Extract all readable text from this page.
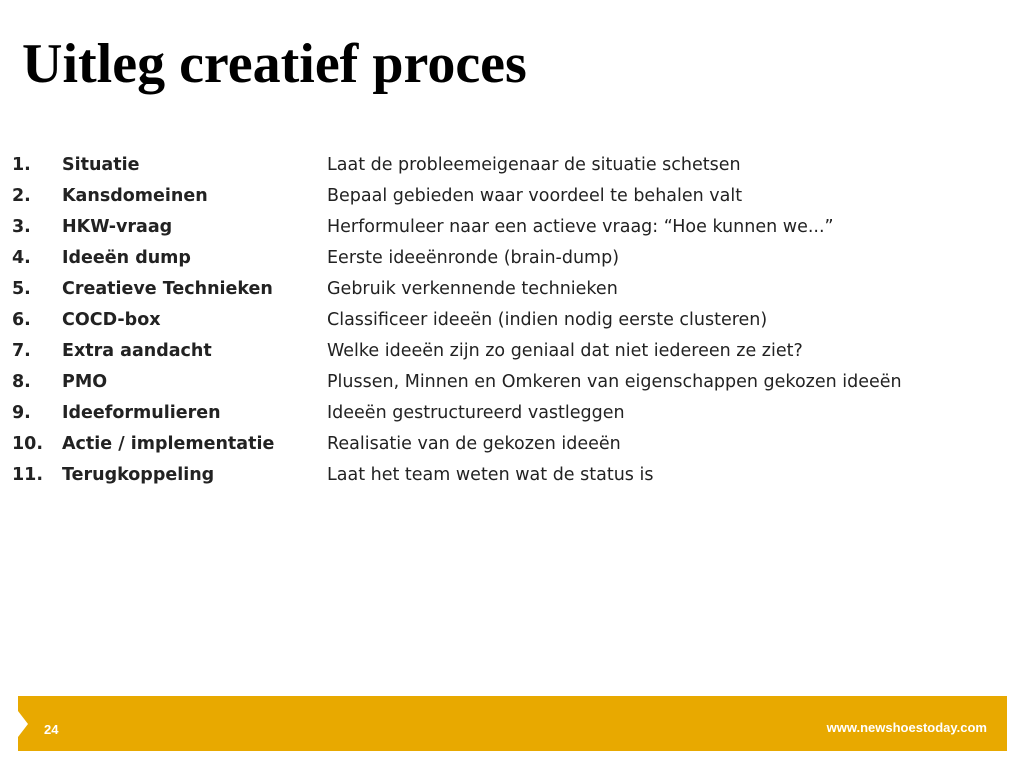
Uitleg creatief proces
1. Situatie	Laat de probleemeigenaar de situatie schetsen
2. Kansdomeinen	Bepaal gebieden waar voordeel te behalen valt
3. HKW-vraag	Herformuleer naar een actieve vraag: “Hoe kunnen we...”
4. Ideeën dump	Eerste ideeënronde (brain-dump)
5. Creatieve Technieken	Gebruik verkennende technieken
6. COCD-box	Classificeer ideeën (indien nodig eerste clusteren)
7. Extra aandacht	Welke ideeën zijn zo geniaal dat niet iedereen ze ziet?
8. PMO	Plussen, Minnen en Omkeren van eigenschappen gekozen ideeën
9. Ideeformulieren	Ideeën gestructureerd vastleggen
10. Actie / implementatie	Realisatie van de gekozen ideeën
11. Terugkoppeling	Laat het team weten wat de status is
24	www.newshoestoday.com
